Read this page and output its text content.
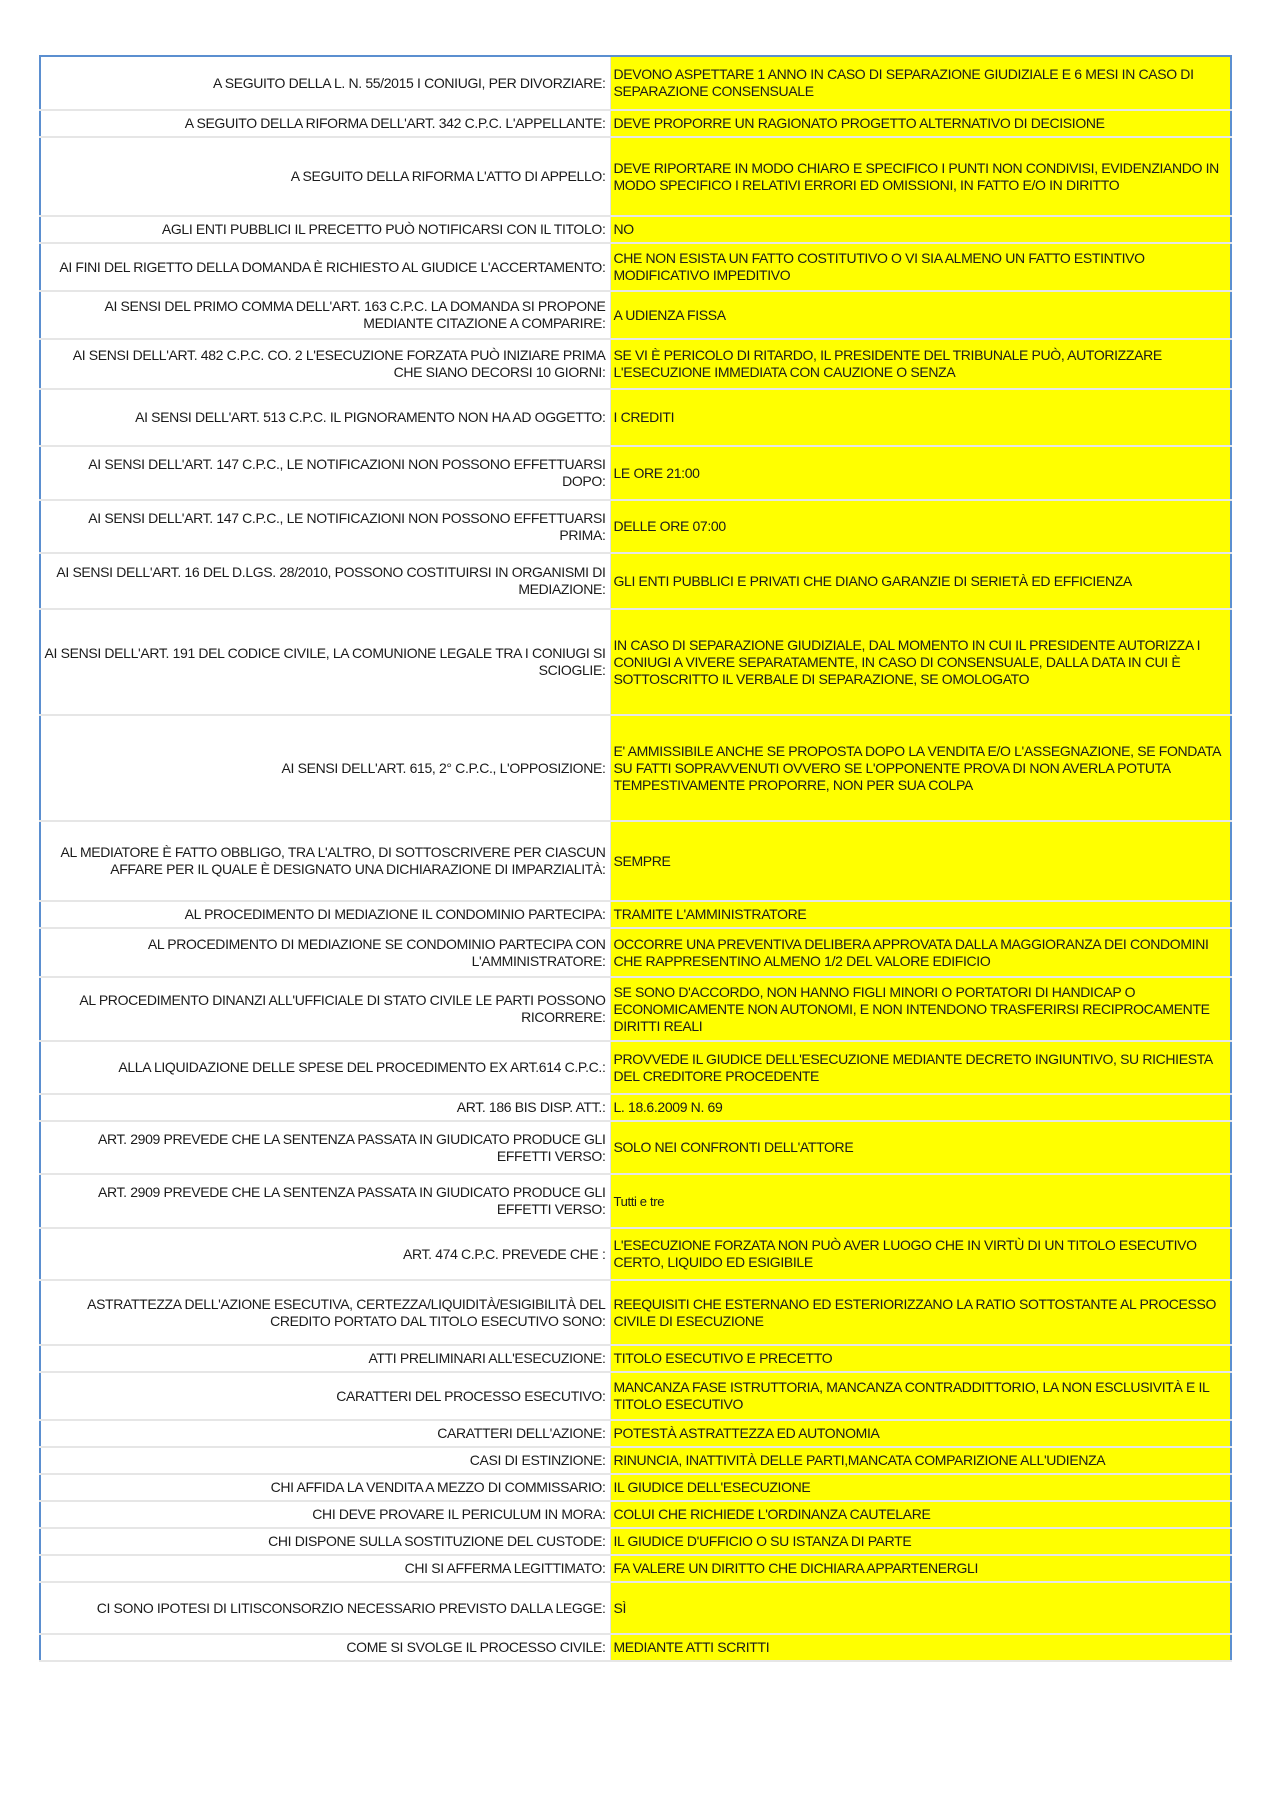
A SEGUITO DELLA L. N. 55/2015 I CONIUGI, PER DIVORZIARE:	DEVONO ASPETTARE 1 ANNO IN CASO DI SEPARAZIONE GIUDIZIALE E 6 MESI IN CASO DI SEPARAZIONE CONSENSUALE
A SEGUITO DELLA RIFORMA DELL'ART. 342 C.P.C. L'APPELLANTE:	DEVE PROPORRE UN RAGIONATO PROGETTO ALTERNATIVO DI DECISIONE
A SEGUITO DELLA RIFORMA L'ATTO DI APPELLO:	DEVE RIPORTARE IN MODO CHIARO E SPECIFICO I PUNTI NON CONDIVISI, EVIDENZIANDO IN MODO SPECIFICO I RELATIVI ERRORI ED OMISSIONI, IN FATTO E/O IN DIRITTO
AGLI ENTI PUBBLICI IL PRECETTO PUÒ NOTIFICARSI CON IL TITOLO:	NO
AI FINI DEL RIGETTO DELLA DOMANDA È RICHIESTO AL GIUDICE L'ACCERTAMENTO:	CHE NON ESISTA UN FATTO COSTITUTIVO O VI SIA ALMENO UN FATTO ESTINTIVO MODIFICATIVO IMPEDITIVO
AI SENSI DEL PRIMO COMMA DELL'ART. 163 C.P.C. LA DOMANDA SI PROPONE MEDIANTE CITAZIONE A COMPARIRE:	A UDIENZA FISSA
AI SENSI DELL'ART. 482 C.P.C. CO. 2 L'ESECUZIONE FORZATA PUÒ INIZIARE PRIMA CHE SIANO DECORSI 10 GIORNI:	SE VI È PERICOLO DI RITARDO, IL PRESIDENTE DEL TRIBUNALE PUÒ, AUTORIZZARE L'ESECUZIONE IMMEDIATA CON CAUZIONE O SENZA
AI SENSI DELL'ART. 513 C.P.C. IL PIGNORAMENTO NON HA AD OGGETTO:	I CREDITI
AI SENSI DELL'ART. 147 C.P.C., LE NOTIFICAZIONI NON POSSONO EFFETTUARSI DOPO:	LE ORE 21:00
AI SENSI DELL'ART. 147 C.P.C., LE NOTIFICAZIONI NON POSSONO EFFETTUARSI PRIMA:	DELLE ORE 07:00
AI SENSI DELL'ART. 16 DEL D.LGS. 28/2010, POSSONO COSTITUIRSI IN ORGANISMI DI MEDIAZIONE:	GLI ENTI PUBBLICI E PRIVATI CHE DIANO GARANZIE DI SERIETÀ ED EFFICIENZA
AI SENSI DELL'ART. 191 DEL CODICE CIVILE, LA COMUNIONE LEGALE TRA I CONIUGI SI SCIOGLIE:	IN CASO DI SEPARAZIONE GIUDIZIALE, DAL MOMENTO IN CUI IL PRESIDENTE AUTORIZZA I CONIUGI A VIVERE SEPARATAMENTE, IN CASO DI CONSENSUALE, DALLA DATA IN CUI È SOTTOSCRITTO IL VERBALE DI SEPARAZIONE, SE OMOLOGATO
AI SENSI DELL'ART. 615, 2° C.P.C., L'OPPOSIZIONE:	E' AMMISSIBILE ANCHE SE PROPOSTA DOPO LA VENDITA E/O L'ASSEGNAZIONE, SE FONDATA SU FATTI SOPRAVVENUTI OVVERO SE L'OPPONENTE PROVA DI NON AVERLA POTUTA TEMPESTIVAMENTE PROPORRE, NON PER SUA COLPA
AL MEDIATORE È FATTO OBBLIGO, TRA L'ALTRO, DI SOTTOSCRIVERE PER CIASCUN AFFARE PER IL QUALE È DESIGNATO UNA DICHIARAZIONE DI IMPARZIALITÀ:	SEMPRE
AL PROCEDIMENTO DI MEDIAZIONE IL CONDOMINIO PARTECIPA:	TRAMITE L'AMMINISTRATORE
AL PROCEDIMENTO DI MEDIAZIONE SE CONDOMINIO PARTECIPA CON L'AMMINISTRATORE:	OCCORRE UNA PREVENTIVA DELIBERA APPROVATA DALLA MAGGIORANZA DEI CONDOMINI CHE RAPPRESENTINO ALMENO 1/2 DEL VALORE EDIFICIO
AL PROCEDIMENTO DINANZI ALL'UFFICIALE DI STATO CIVILE LE PARTI POSSONO RICORRERE:	SE SONO D'ACCORDO, NON HANNO FIGLI MINORI O PORTATORI DI HANDICAP O ECONOMICAMENTE NON AUTONOMI, E NON INTENDONO TRASFERIRSI RECIPROCAMENTE DIRITTI REALI
ALLA LIQUIDAZIONE DELLE SPESE DEL PROCEDIMENTO EX ART.614 C.P.C.:	PROVVEDE IL GIUDICE DELL'ESECUZIONE MEDIANTE DECRETO INGIUNTIVO, SU RICHIESTA DEL CREDITORE PROCEDENTE
ART. 186 BIS DISP. ATT.:	L. 18.6.2009 N. 69
ART. 2909 PREVEDE CHE LA SENTENZA PASSATA IN GIUDICATO PRODUCE GLI EFFETTI VERSO:	SOLO NEI CONFRONTI DELL'ATTORE
ART. 2909 PREVEDE CHE LA SENTENZA PASSATA IN GIUDICATO PRODUCE GLI EFFETTI VERSO:	Tutti e tre
ART. 474 C.P.C. PREVEDE CHE :	L'ESECUZIONE FORZATA NON PUÒ AVER LUOGO CHE IN VIRTÙ DI UN TITOLO ESECUTIVO CERTO, LIQUIDO ED ESIGIBILE
ASTRATTEZZA DELL'AZIONE ESECUTIVA, CERTEZZA/LIQUIDITÀ/ESIGIBILITÀ DEL CREDITO PORTATO DAL TITOLO ESECUTIVO SONO:	REEQUISITI CHE ESTERNANO ED ESTERIORIZZANO LA RATIO SOTTOSTANTE AL PROCESSO CIVILE DI ESECUZIONE
ATTI PRELIMINARI ALL'ESECUZIONE:	TITOLO ESECUTIVO E PRECETTO
CARATTERI DEL PROCESSO ESECUTIVO:	MANCANZA FASE ISTRUTTORIA, MANCANZA CONTRADDITTORIO, LA NON ESCLUSIVITÀ E IL TITOLO ESECUTIVO
CARATTERI DELL'AZIONE:	POTESTÀ ASTRATTEZZA ED AUTONOMIA
CASI DI ESTINZIONE:	RINUNCIA, INATTIVITÀ DELLE PARTI,MANCATA COMPARIZIONE ALL'UDIENZA
CHI AFFIDA LA VENDITA A MEZZO DI COMMISSARIO:	IL GIUDICE DELL'ESECUZIONE
CHI DEVE PROVARE IL PERICULUM IN MORA:	COLUI CHE RICHIEDE L'ORDINANZA CAUTELARE
CHI DISPONE SULLA SOSTITUZIONE DEL CUSTODE:	IL GIUDICE D'UFFICIO O SU ISTANZA DI PARTE
CHI SI AFFERMA LEGITTIMATO:	FA VALERE UN DIRITTO CHE DICHIARA APPARTENERGLI
CI SONO IPOTESI DI LITISCONSORZIO NECESSARIO PREVISTO DALLA LEGGE:	SÌ
COME SI SVOLGE IL PROCESSO CIVILE:	MEDIANTE ATTI SCRITTI
